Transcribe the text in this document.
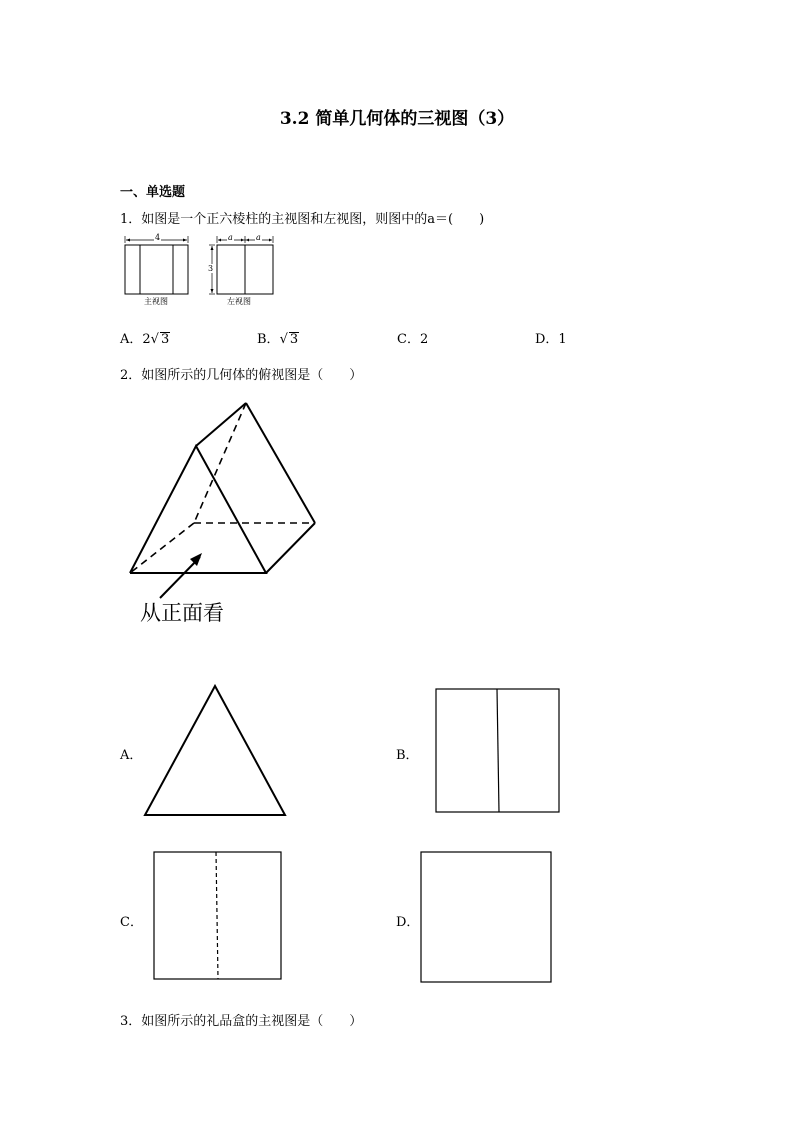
3.2 简单几何体的三视图（3）
一、单选题
1．如图是一个正六棱柱的主视图和左视图，则图中的a＝(　　)
4	a	a
3
主视图	左视图
A．2√ 3	B．√ 3	C．2	D．1
2．如图所示的几何体的俯视图是（　　）
从正面看
A．	B．
C．	D．
3．如图所示的礼品盒的主视图是（　　）
